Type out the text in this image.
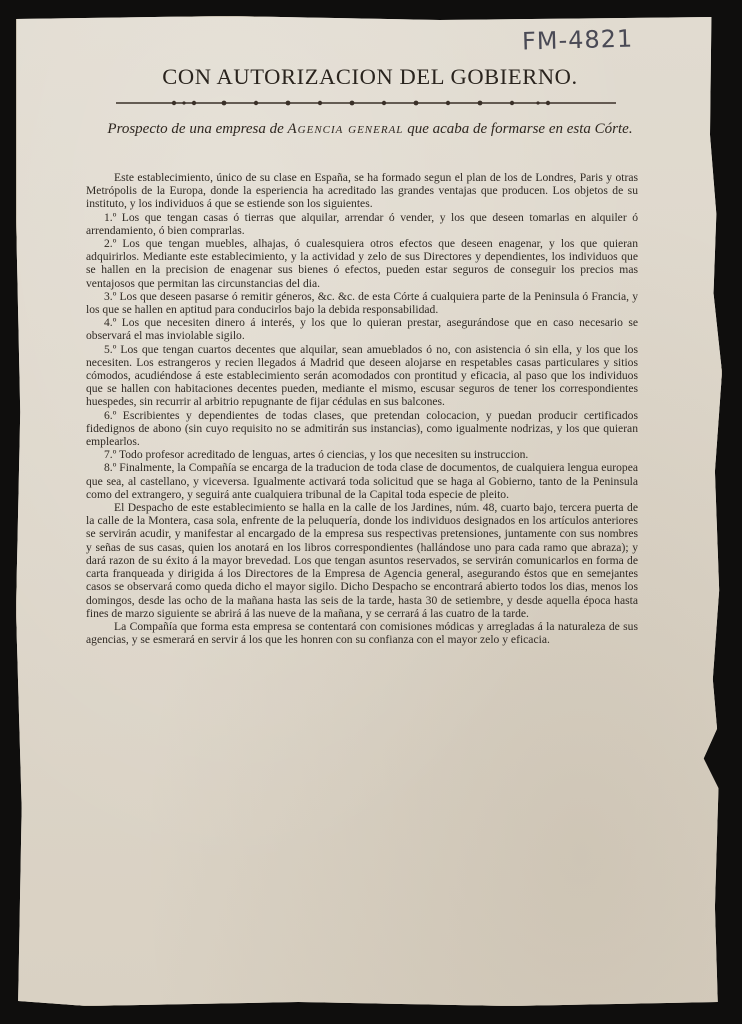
FM-4821
CON AUTORIZACION DEL GOBIERNO.
Prospecto de una empresa de Agencia general que acaba de formarse en esta Córte.

Este establecimiento, único de su clase en España, se ha formado segun el plan de los de Londres, Paris y otras Metrópolis de la Europa, donde la esperiencia ha acreditado las grandes ventajas que producen. Los objetos de su instituto, y los individuos á que se estiende son los siguientes.

1.º Los que tengan casas ó tierras que alquilar, arrendar ó vender, y los que deseen tomarlas en alquiler ó arrendamiento, ó bien comprarlas.

2.º Los que tengan muebles, alhajas, ó cualesquiera otros efectos que deseen enagenar, y los que quieran adquirirlos. Mediante este establecimiento, y la actividad y zelo de sus Directores y dependientes, los individuos que se hallen en la precision de enagenar sus bienes ó efectos, pueden estar seguros de conseguir los precios mas ventajosos que permitan las circunstancias del dia.

3.º Los que deseen pasarse ó remitir géneros, &c. &c. de esta Córte á cualquiera parte de la Peninsula ó Francia, y los que se hallen en aptitud para conducirlos bajo la debida responsabilidad.

4.º Los que necesiten dinero á interés, y los que lo quieran prestar, asegurándose que en caso necesario se observará el mas inviolable sigilo.

5.º Los que tengan cuartos decentes que alquilar, sean amueblados ó no, con asistencia ó sin ella, y los que los necesiten. Los estrangeros y recien llegados á Madrid que deseen alojarse en respetables casas particulares y sitios cómodos, acudiéndose á este establecimiento serán acomodados con prontitud y eficacia, al paso que los individuos que se hallen con habitaciones decentes pueden, mediante el mismo, escusar seguros de tener los correspondientes huespedes, sin recurrir al arbitrio repugnante de fijar cédulas en sus balcones.

6.º Escribientes y dependientes de todas clases, que pretendan colocacion, y puedan producir certificados fidedignos de abono (sin cuyo requisito no se admitirán sus instancias), como igualmente nodrizas, y los que quieran emplearlos.

7.º Todo profesor acreditado de lenguas, artes ó ciencias, y los que necesiten su instruccion.

8.º Finalmente, la Compañía se encarga de la traducion de toda clase de documentos, de cualquiera lengua europea que sea, al castellano, y viceversa. Igualmente activará toda solicitud que se haga al Gobierno, tanto de la Peninsula como del extrangero, y seguirá ante cualquiera tribunal de la Capital toda especie de pleito.

El Despacho de este establecimiento se halla en la calle de los Jardines, núm. 48, cuarto bajo, tercera puerta de la calle de la Montera, casa sola, enfrente de la peluquería, donde los individuos designados en los artículos anteriores se servirán acudir, y manifestar al encargado de la empresa sus respectivas pretensiones, juntamente con sus nombres y señas de sus casas, quien los anotará en los libros correspondientes (hallándose uno para cada ramo que abraza); y dará razon de su éxito á la mayor brevedad. Los que tengan asuntos reservados, se servirán comunicarlos en forma de carta franqueada y dirigida á los Directores de la Empresa de Agencia general, asegurando éstos que en semejantes casos se observará como queda dicho el mayor sigilo. Dicho Despacho se encontrará abierto todos los dias, menos los domingos, desde las ocho de la mañana hasta las seis de la tarde, hasta 30 de setiembre, y desde aquella época hasta fines de marzo siguiente se abrirá á las nueve de la mañana, y se cerrará á las cuatro de la tarde.

La Compañía que forma esta empresa se contentará con comisiones módicas y arregladas á la naturaleza de sus agencias, y se esmerará en servir á los que les honren con su confianza con el mayor zelo y eficacia.
